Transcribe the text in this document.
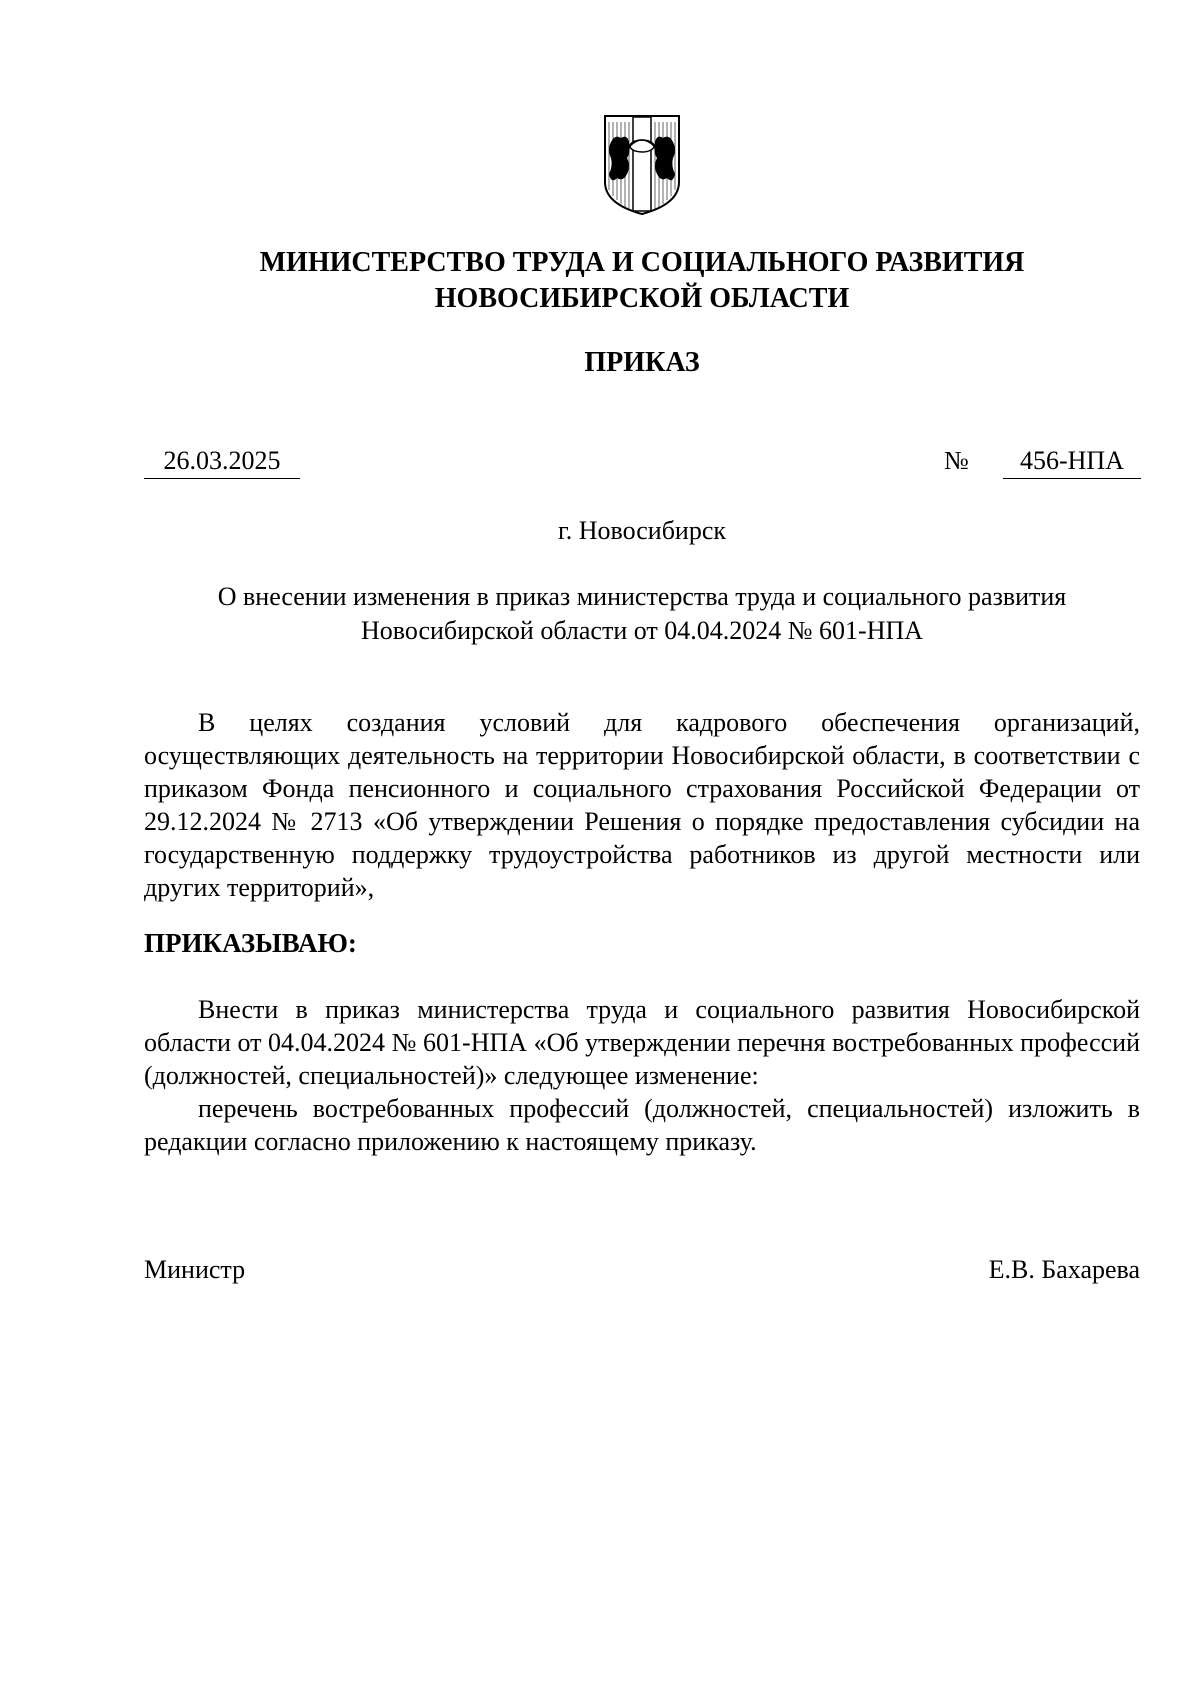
МИНИСТЕРСТВО ТРУДА И СОЦИАЛЬНОГО РАЗВИТИЯ
НОВОСИБИРСКОЙ ОБЛАСТИ
ПРИКАЗ
26.03.2025	№	456-НПА
г. Новосибирск
О внесении изменения в приказ министерства труда и социального развития
Новосибирской области от 04.04.2024 № 601-НПА
В целях создания условий для кадрового обеспечения организаций, осуществляющих деятельность на территории Новосибирской области, в соответствии с приказом Фонда пенсионного и социального страхования Российской Федерации от 29.12.2024 № 2713 «Об утверждении Решения о порядке предоставления субсидии на государственную поддержку трудоустройства работников из другой местности или других территорий»,
ПРИКАЗЫВАЮ:
Внести в приказ министерства труда и социального развития Новосибирской области от 04.04.2024 № 601-НПА «Об утверждении перечня востребованных профессий (должностей, специальностей)» следующее изменение:
перечень востребованных профессий (должностей, специальностей) изложить в редакции согласно приложению к настоящему приказу.
Министр	Е.В. Бахарева
